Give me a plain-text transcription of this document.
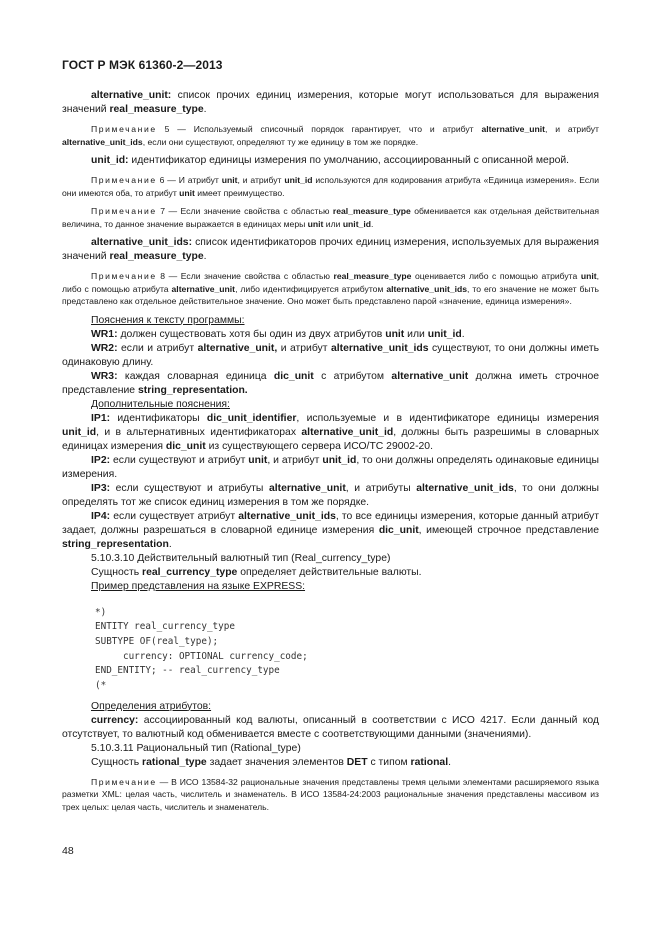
ГОСТ Р МЭК 61360-2—2013

alternative_unit: список прочих единиц измерения, которые могут использоваться для выражения значений real_measure_type.

Примечание 5 — Используемый списочный порядок гарантирует, что и атрибут alternative_unit, и атрибут alternative_unit_ids, если они существуют, определяют ту же единицу в том же порядке.

unit_id: идентификатор единицы измерения по умолчанию, ассоциированный с описанной мерой.

Примечание 6 — И атрибут unit, и атрибут unit_id используются для кодирования атрибута «Единица измерения». Если они имеются оба, то атрибут unit имеет преимущество.

Примечание 7 — Если значение свойства с областью real_measure_type обменивается как отдельная действительная величина, то данное значение выражается в единицах меры unit или unit_id.

alternative_unit_ids: список идентификаторов прочих единиц измерения, используемых для выражения значений real_measure_type.

Примечание 8 — Если значение свойства с областью real_measure_type оценивается либо с помощью атрибута unit, либо с помощью атрибута alternative_unit, либо идентифицируется атрибутом alternative_unit_ids, то его значение не может быть представлено как отдельное действительное значение. Оно может быть представлено парой «значение, единица измерения».

Пояснения к тексту программы:

WR1: должен существовать хотя бы один из двух атрибутов unit или unit_id.

WR2: если и атрибут alternative_unit, и атрибут alternative_unit_ids существуют, то они должны иметь одинаковую длину.

WR3: каждая словарная единица dic_unit с атрибутом alternative_unit должна иметь строчное представление string_representation.

Дополнительные пояснения:

IP1: идентификаторы dic_unit_identifier, используемые и в идентификаторе единицы измерения unit_id, и в альтернативных идентификаторах alternative_unit_id, должны быть разрешимы в словарных единицах измерения dic_unit из существующего сервера ИСО/ТС 29002-20.

IP2: если существуют и атрибут unit, и атрибут unit_id, то они должны определять одинаковые единицы измерения.

IP3: если существуют и атрибуты alternative_unit, и атрибуты alternative_unit_ids, то они должны определять тот же список единиц измерения в том же порядке.

IP4: если существует атрибут alternative_unit_ids, то все единицы измерения, которые данный атрибут задает, должны разрешаться в словарной единице измерения dic_unit, имеющей строчное представление string_representation.

5.10.3.10 Действительный валютный тип (Real_currency_type)

Сущность real_currency_type определяет действительные валюты.

Пример представления на языке EXPRESS:

*)
ENTITY real_currency_type
SUBTYPE OF(real_type);
currency: OPTIONAL currency_code;
END_ENTITY; -- real_currency_type
(*

Определения атрибутов:

currency: ассоциированный код валюты, описанный в соответствии с ИСО 4217. Если данный код отсутствует, то валютный код обменивается вместе с соответствующими данными (значениями).

5.10.3.11 Рациональный тип (Rational_type)

Сущность rational_type задает значения элементов DET с типом rational.

Примечание — В ИСО 13584-32 рациональные значения представлены тремя целыми элементами расширяемого языка разметки XML: целая часть, числитель и знаменатель. В ИСО 13584-24:2003 рациональные значения представлены массивом из трех целых: целая часть, числитель и знаменатель.

48
